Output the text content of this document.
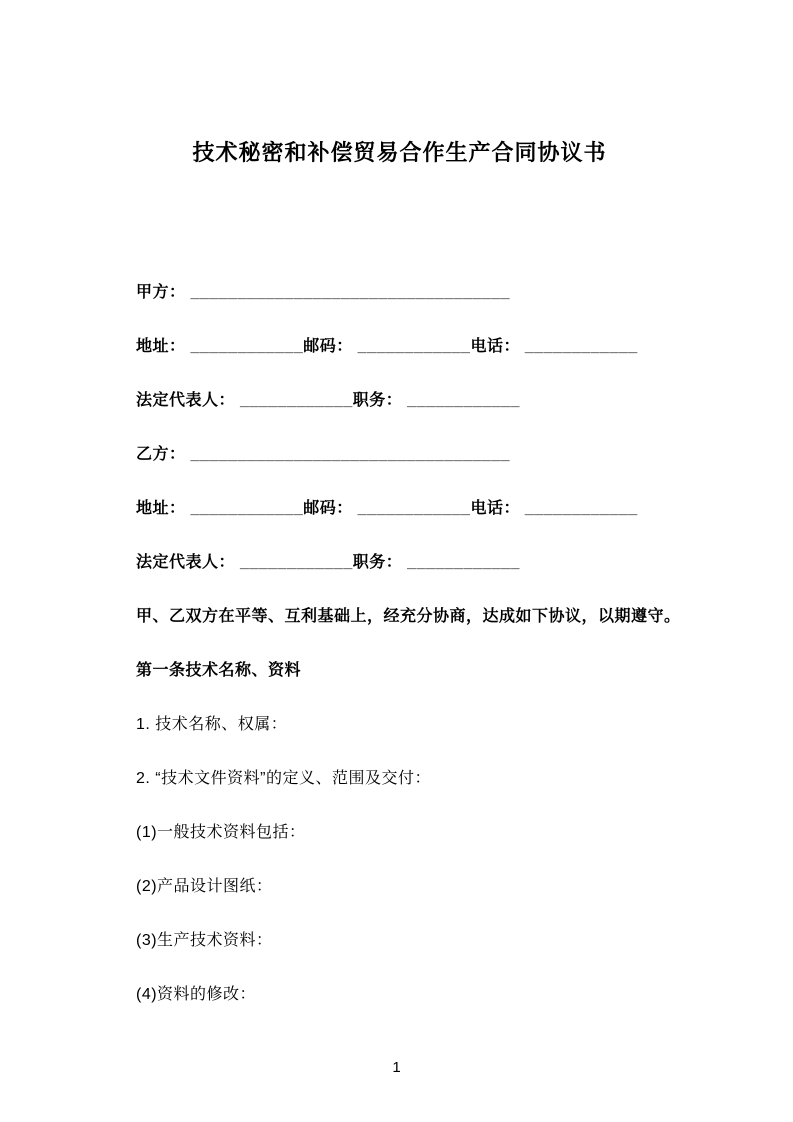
技术秘密和补偿贸易合作生产合同协议书

甲方： __________________________________

地址： ____________邮码： ____________电话： ____________

法定代表人： ____________职务： ____________

乙方： __________________________________

地址： ____________邮码： ____________电话： ____________

法定代表人： ____________职务： ____________

甲、乙双方在平等、互利基础上，经充分协商，达成如下协议，以期遵守。

第一条技术名称、资料

1. 技术名称、权属：

2. “技术文件资料”的定义、范围及交付：

(1)一般技术资料包括：

(2)产品设计图纸：

(3)生产技术资料：

(4)资料的修改：

1
